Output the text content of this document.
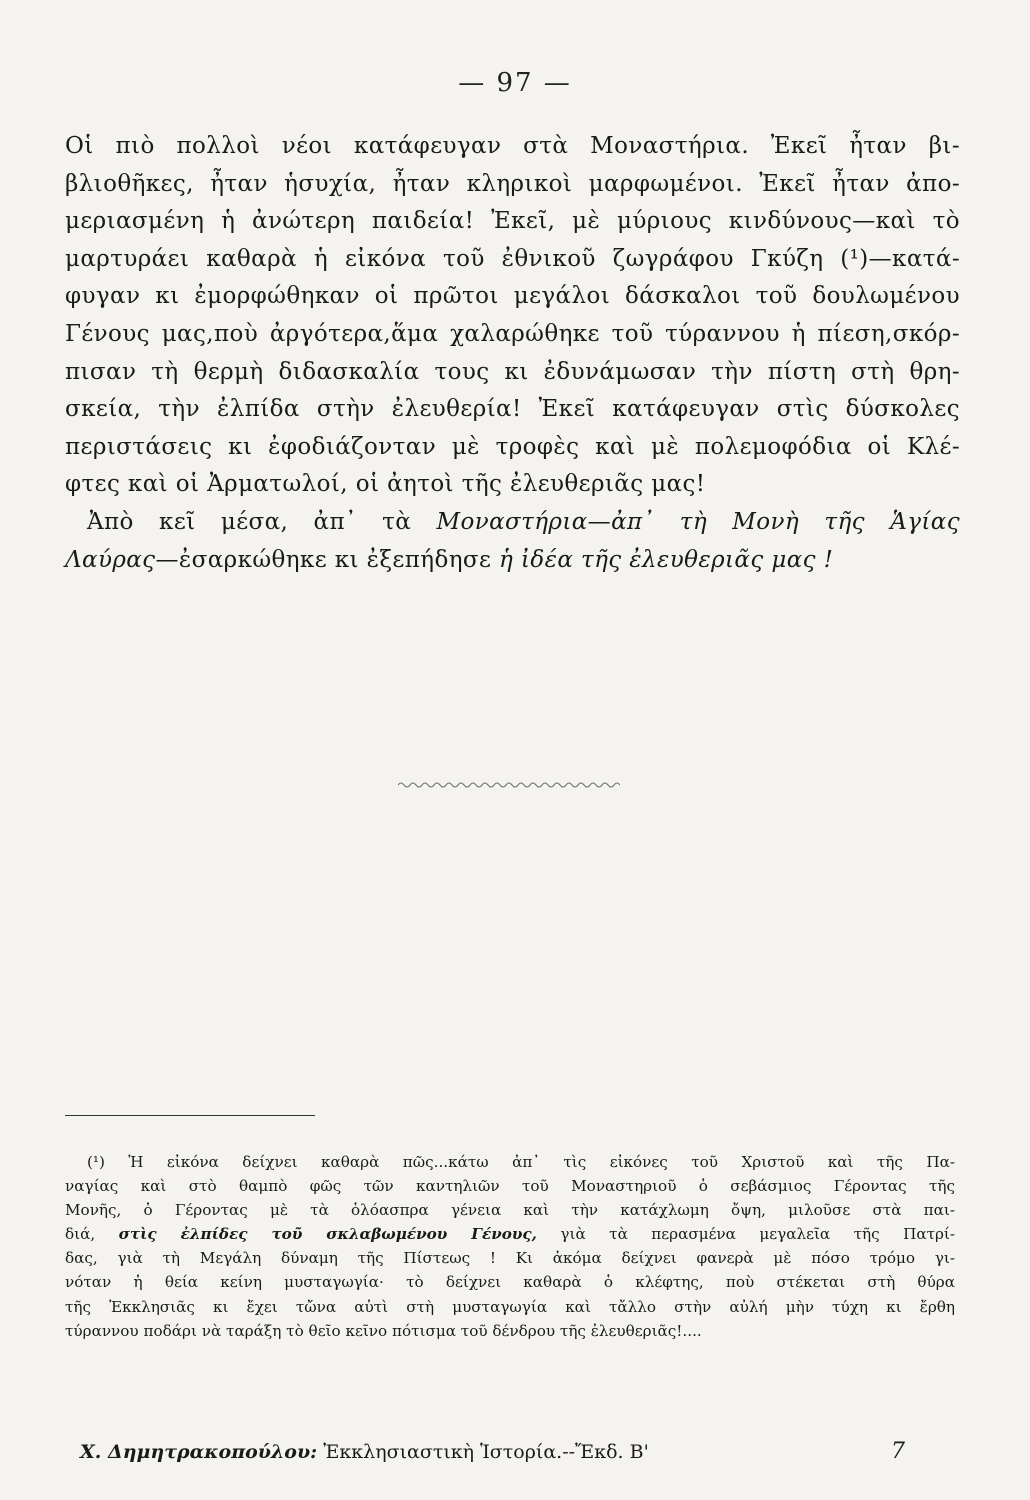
— 97 —
Οἱ πιὸ πολλοὶ νέοι κατάφευγαν στὰ Μοναστήρια. Ἐκεῖ ἦταν βι-
βλιοθῆκες, ἦταν ἡσυχία, ἦταν κληρικοὶ μαρφωμένοι. Ἐκεῖ ἦταν ἀπο-
μεριασμένη ἡ ἀνώτερη παιδεία! Ἐκεῖ, μὲ μύριους κινδύνους—καὶ τὸ
μαρτυράει καθαρὰ ἡ εἰκόνα τοῦ ἐθνικοῦ ζωγράφου Γκύζη (¹)—κατά-
φυγαν κι ἐμορφώθηκαν οἱ πρῶτοι μεγάλοι δάσκαλοι τοῦ δουλωμένου
Γένους μας,ποὺ ἀργότερα,ἅμα χαλαρώθηκε τοῦ τύραννου ἡ πίεση,σκόρ-
πισαν τὴ θερμὴ διδασκαλία τους κι ἐδυνάμωσαν τὴν πίστη στὴ θρη-
σκεία, τὴν ἐλπίδα στὴν ἐλευθερία! Ἐκεῖ κατάφευγαν στὶς δύσκολες
περιστάσεις κι ἐφοδιάζονταν μὲ τροφὲς καὶ μὲ πολεμοφόδια οἱ Κλέ-
φτες καὶ οἱ Ἀρματωλοί, οἱ ἀητοὶ τῆς ἐλευθεριᾶς μας!
Ἀπὸ κεῖ μέσα, ἀπ᾽ τὰ Μοναστήρια—ἀπ᾽ τὴ Μονὴ τῆς Ἁγίας
Λαύρας—ἐσαρκώθηκε κι ἐξεπήδησε ἡ ἰδέα τῆς ἐλευθεριᾶς μας !
(¹) Ἡ εἰκόνα δείχνει καθαρὰ πῶς...κάτω ἀπ᾽ τὶς εἰκόνες τοῦ Χριστοῦ καὶ τῆς Πα-
ναγίας καὶ στὸ θαμπὸ φῶς τῶν καντηλιῶν τοῦ Μοναστηριοῦ ὁ σεβάσμιος Γέροντας τῆς
Μονῆς, ὁ Γέροντας μὲ τὰ ὁλόασπρα γένεια καὶ τὴν κατάχλωμη ὄψη, μιλοῦσε στὰ παι-
διά, στὶς ἐλπίδες τοῦ σκλαβωμένου Γένους, γιὰ τὰ περασμένα μεγαλεῖα τῆς Πατρί-
δας, γιὰ τὴ Μεγάλη δύναμη τῆς Πίστεως ! Κι ἀκόμα δείχνει φανερὰ μὲ πόσο τρόμο γι-
νόταν ἡ θεία κείνη μυσταγωγία· τὸ δείχνει καθαρὰ ὁ κλέφτης, ποὺ στέκεται στὴ θύρα
τῆς Ἐκκλησιᾶς κι ἔχει τὤνα αὐτὶ στὴ μυσταγωγία καὶ τἄλλο στὴν αὐλή μὴν τύχη κι ἔρθη
τύραννου ποδάρι νὰ ταράξη τὸ θεῖο κεῖνο πότισμα τοῦ δένδρου τῆς ἐλευθεριᾶς!....
Χ. Δημητρακοπούλου: Ἐκκλησιαστικὴ Ἱστορία.--Ἔκδ. Β'	7
